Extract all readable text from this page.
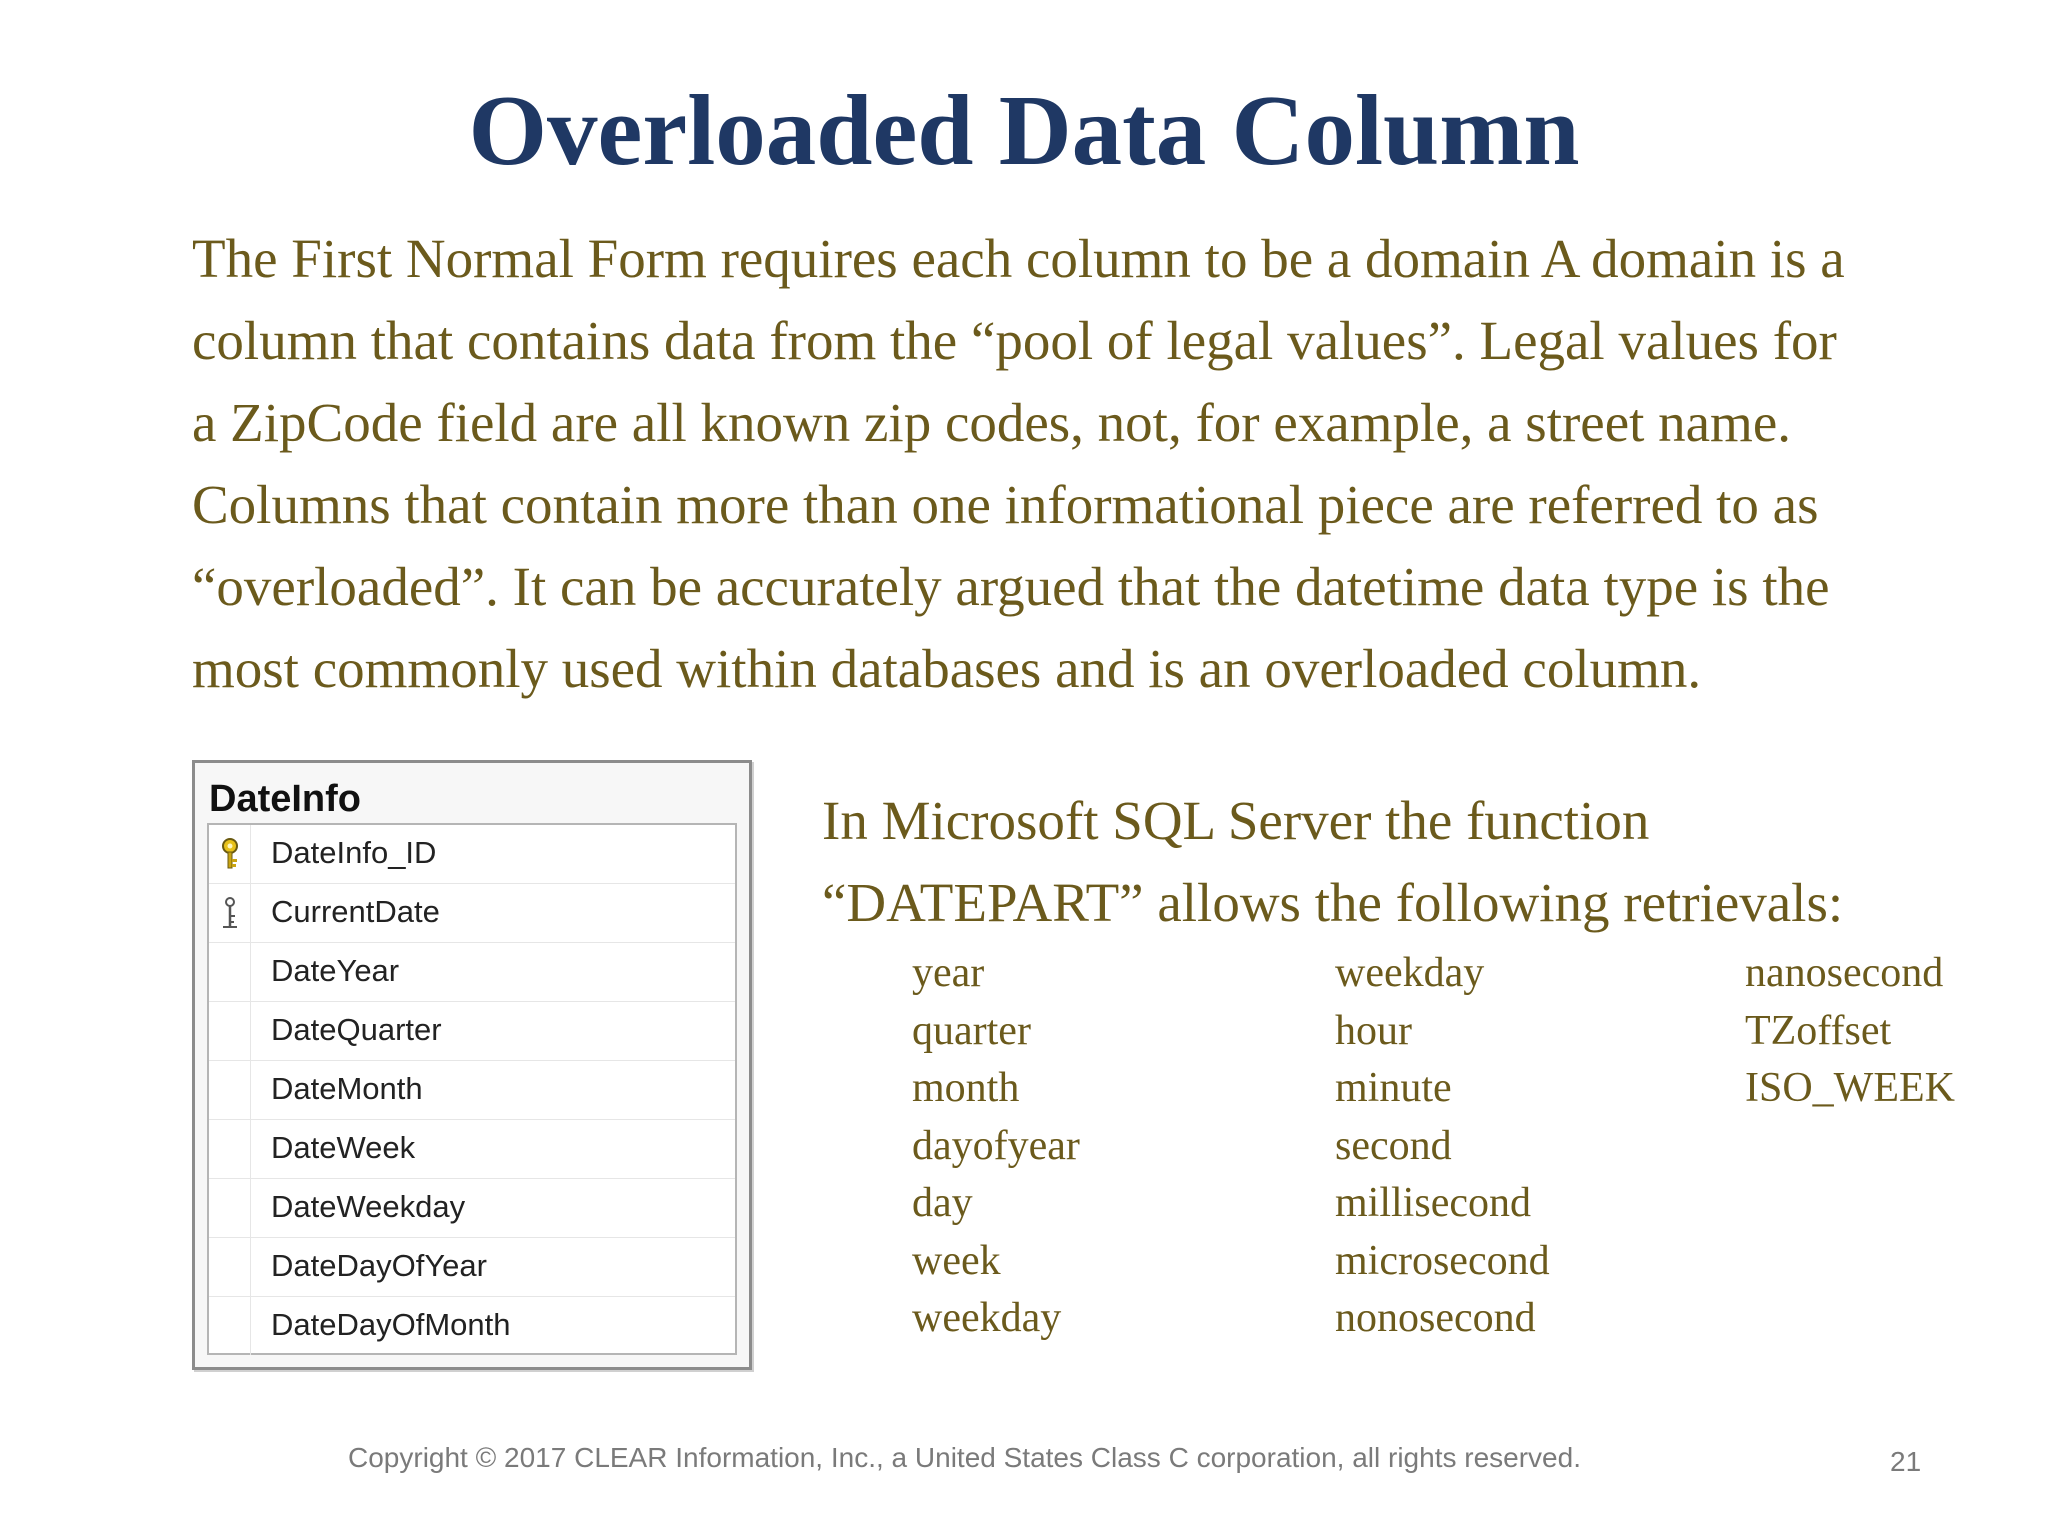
Overloaded Data Column

The First Normal Form requires each column to be a domain A domain is a

column that contains data from the “pool of legal values”. Legal values for

a ZipCode field are all known zip codes, not, for example, a street name.

Columns that contain more than one informational piece are referred to as

“overloaded”. It can be accurately argued that the datetime data type is the

most commonly used within databases and is an overloaded column.

DateInfo
DateInfo_ID
CurrentDate
DateYear
DateQuarter
DateMonth
DateWeek
DateWeekday
DateDayOfYear
DateDayOfMonth

In Microsoft SQL Server the function

“DATEPART” allows the following retrievals:

year
quarter
month
dayofyear
day
week
weekday
weekday
hour
minute
second
millisecond
microsecond
nonosecond
nanosecond
TZoffset
ISO_WEEK
Copyright © 2017 CLEAR Information, Inc., a United States Class C corporation, all rights reserved.	21
